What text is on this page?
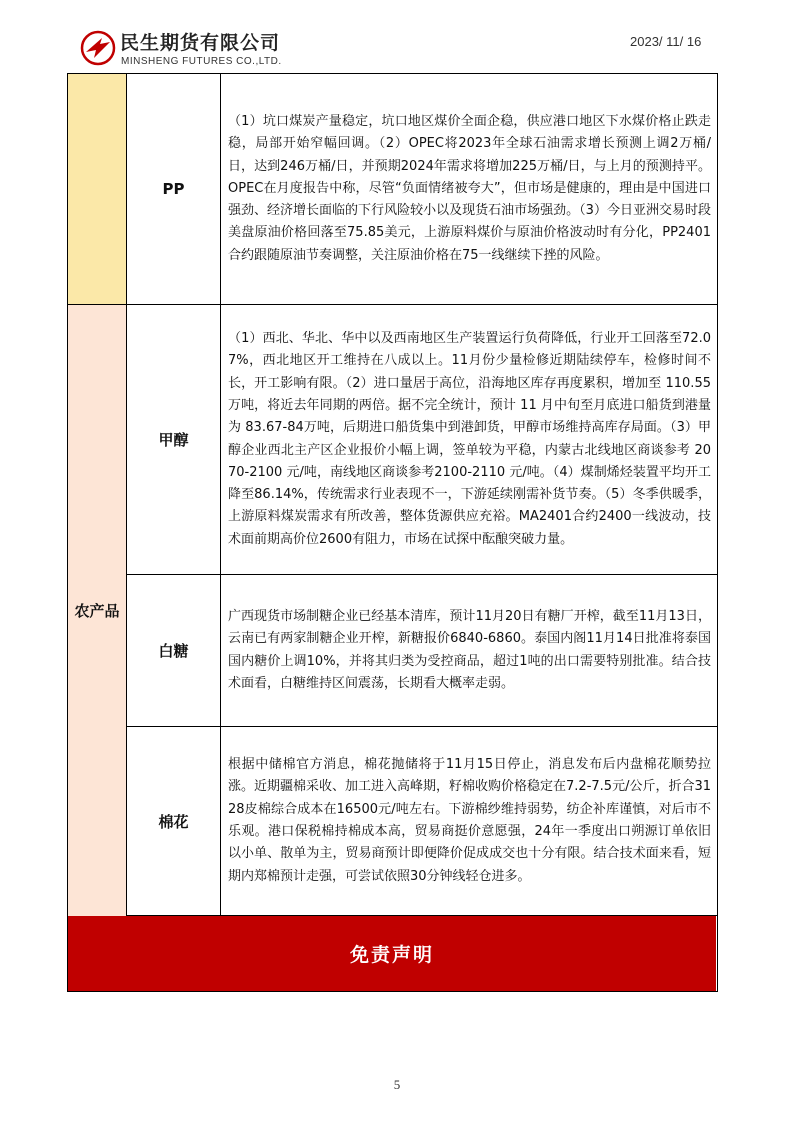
民生期货有限公司
MINSHENG FUTURES CO.,LTD.
2023/ 11/ 16
农产品
PP

（1）坑口煤炭产量稳定，坑口地区煤价全面企稳，供应港口地区下水煤价格止跌走稳，局部开始窄幅回调。（2）OPEC将2023年全球石油需求增长预测上调2万桶/日，达到246万桶/日，并预期2024年需求将增加225万桶/日，与上月的预测持平。OPEC在月度报告中称，尽管“负面情绪被夸大”，但市场是健康的，理由是中国进口强劲、经济增长面临的下行风险较小以及现货石油市场强劲。（3）今日亚洲交易时段美盘原油价格回落至75.85美元，上游原料煤价与原油价格波动时有分化，PP2401合约跟随原油节奏调整，关注原油价格在75一线继续下挫的风险。

甲醇

（1）西北、华北、华中以及西南地区生产装置运行负荷降低，行业开工回落至72.07%，西北地区开工维持在八成以上。11月份少量检修近期陆续停车，检修时间不长，开工影响有限。（2）进口量居于高位，沿海地区库存再度累积，增加至 110.55 万吨，将近去年同期的两倍。据不完全统计，预计 11 月中旬至月底进口船货到港量为 83.67-84万吨，后期进口船货集中到港卸货，甲醇市场维持高库存局面。（3）甲醇企业西北主产区企业报价小幅上调，签单较为平稳，内蒙古北线地区商谈参考 2070-2100 元/吨，南线地区商谈参考2100-2110 元/吨。（4）煤制烯烃装置平均开工降至86.14%，传统需求行业表现不一，下游延续刚需补货节奏。（5）冬季供暖季，上游原料煤炭需求有所改善，整体货源供应充裕。MA2401合约2400一线波动，技术面前期高价位2600有阻力，市场在试探中酝酿突破力量。

白糖

广西现货市场制糖企业已经基本清库，预计11月20日有糖厂开榨，截至11月13日，云南已有两家制糖企业开榨，新糖报价6840-6860。泰国内阁11月14日批准将泰国国内糖价上调10%，并将其归类为受控商品，超过1吨的出口需要特别批准。结合技术面看，白糖维持区间震荡，长期看大概率走弱。

棉花

根据中储棉官方消息，棉花抛储将于11月15日停止，消息发布后内盘棉花顺势拉涨。近期疆棉采收、加工进入高峰期，籽棉收购价格稳定在7.2-7.5元/公斤，折合3128皮棉综合成本在16500元/吨左右。下游棉纱维持弱势，纺企补库谨慎，对后市不乐观。港口保税棉持棉成本高，贸易商挺价意愿强，24年一季度出口朔源订单依旧以小单、散单为主，贸易商预计即便降价促成成交也十分有限。结合技术面来看，短期内郑棉预计走强，可尝试依照30分钟线轻仓进多。

免责声明
5
